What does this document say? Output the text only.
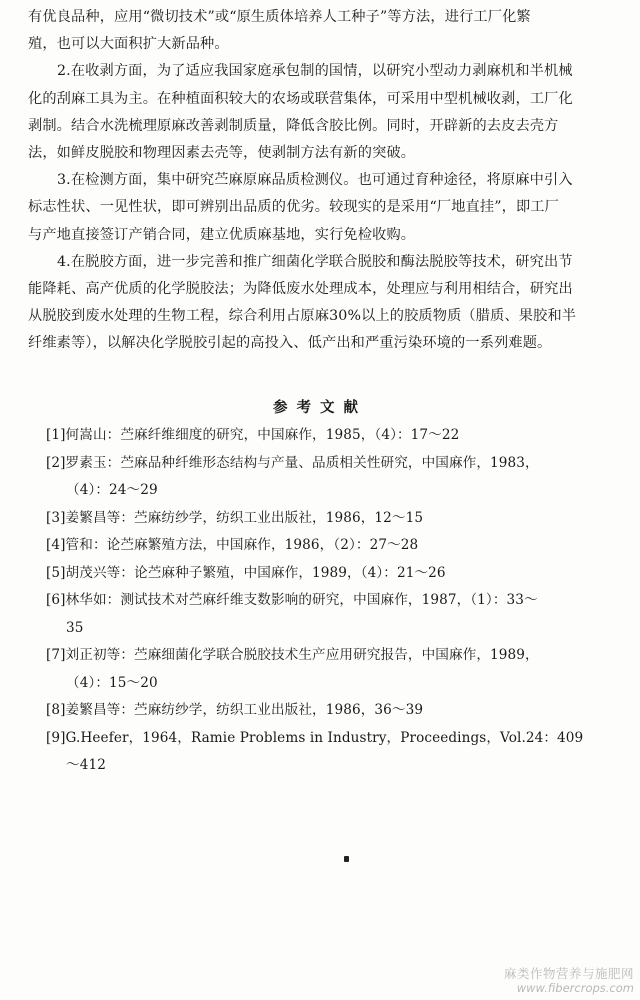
有优良品种，应用“微切技术”或“原生质体培养人工种子”等方法，进行工厂化繁
殖，也可以大面积扩大新品种。
2.在收剥方面，为了适应我国家庭承包制的国情，以研究小型动力剥麻机和半机械
化的刮麻工具为主。在种植面积较大的农场或联营集体，可采用中型机械收剥，工厂化
剥制。结合水洗梳理原麻改善剥制质量，降低含胶比例。同时，开辟新的去皮去壳方
法，如鲜皮脱胶和物理因素去壳等，使剥制方法有新的突破。
3.在检测方面，集中研究苎麻原麻品质检测仪。也可通过育种途径，将原麻中引入
标志性状、一见性状，即可辨别出品质的优劣。较现实的是采用“厂地直挂”，即工厂
与产地直接签订产销合同，建立优质麻基地，实行免检收购。
4.在脱胶方面，进一步完善和推广细菌化学联合脱胶和酶法脱胶等技术，研究出节
能降耗、高产优质的化学脱胶法；为降低废水处理成本，处理应与利用相结合，研究出
从脱胶到废水处理的生物工程，综合利用占原麻30%以上的胶质物质（腊质、果胶和半
纤维素等），以解决化学脱胶引起的高投入、低产出和严重污染环境的一系列难题。
参考文献
[1]何嵩山：苎麻纤维细度的研究，中国麻作，1985，（4）：17～22
[2]罗素玉：苎麻品种纤维形态结构与产量、品质相关性研究，中国麻作，1983，
（4）：24～29
[3]姜繁昌等：苎麻纺纱学，纺织工业出版社，1986，12～15
[4]管和：论苎麻繁殖方法，中国麻作，1986，（2）：27～28
[5]胡茂兴等：论苎麻种子繁殖，中国麻作，1989，（4）：21～26
[6]林华如：测试技术对苎麻纤维支数影响的研究，中国麻作，1987，（1）：33～
35
[7]刘正初等：苎麻细菌化学联合脱胶技术生产应用研究报告，中国麻作，1989，
（4）：15～20
[8]姜繁昌等：苎麻纺纱学，纺织工业出版社，1986，36～39
[9]G.Heefer，1964，Ramie Problems in Industry，Proceedings，Vol.24：409
～412
麻类作物营养与施肥网
www.fibercrops.com
